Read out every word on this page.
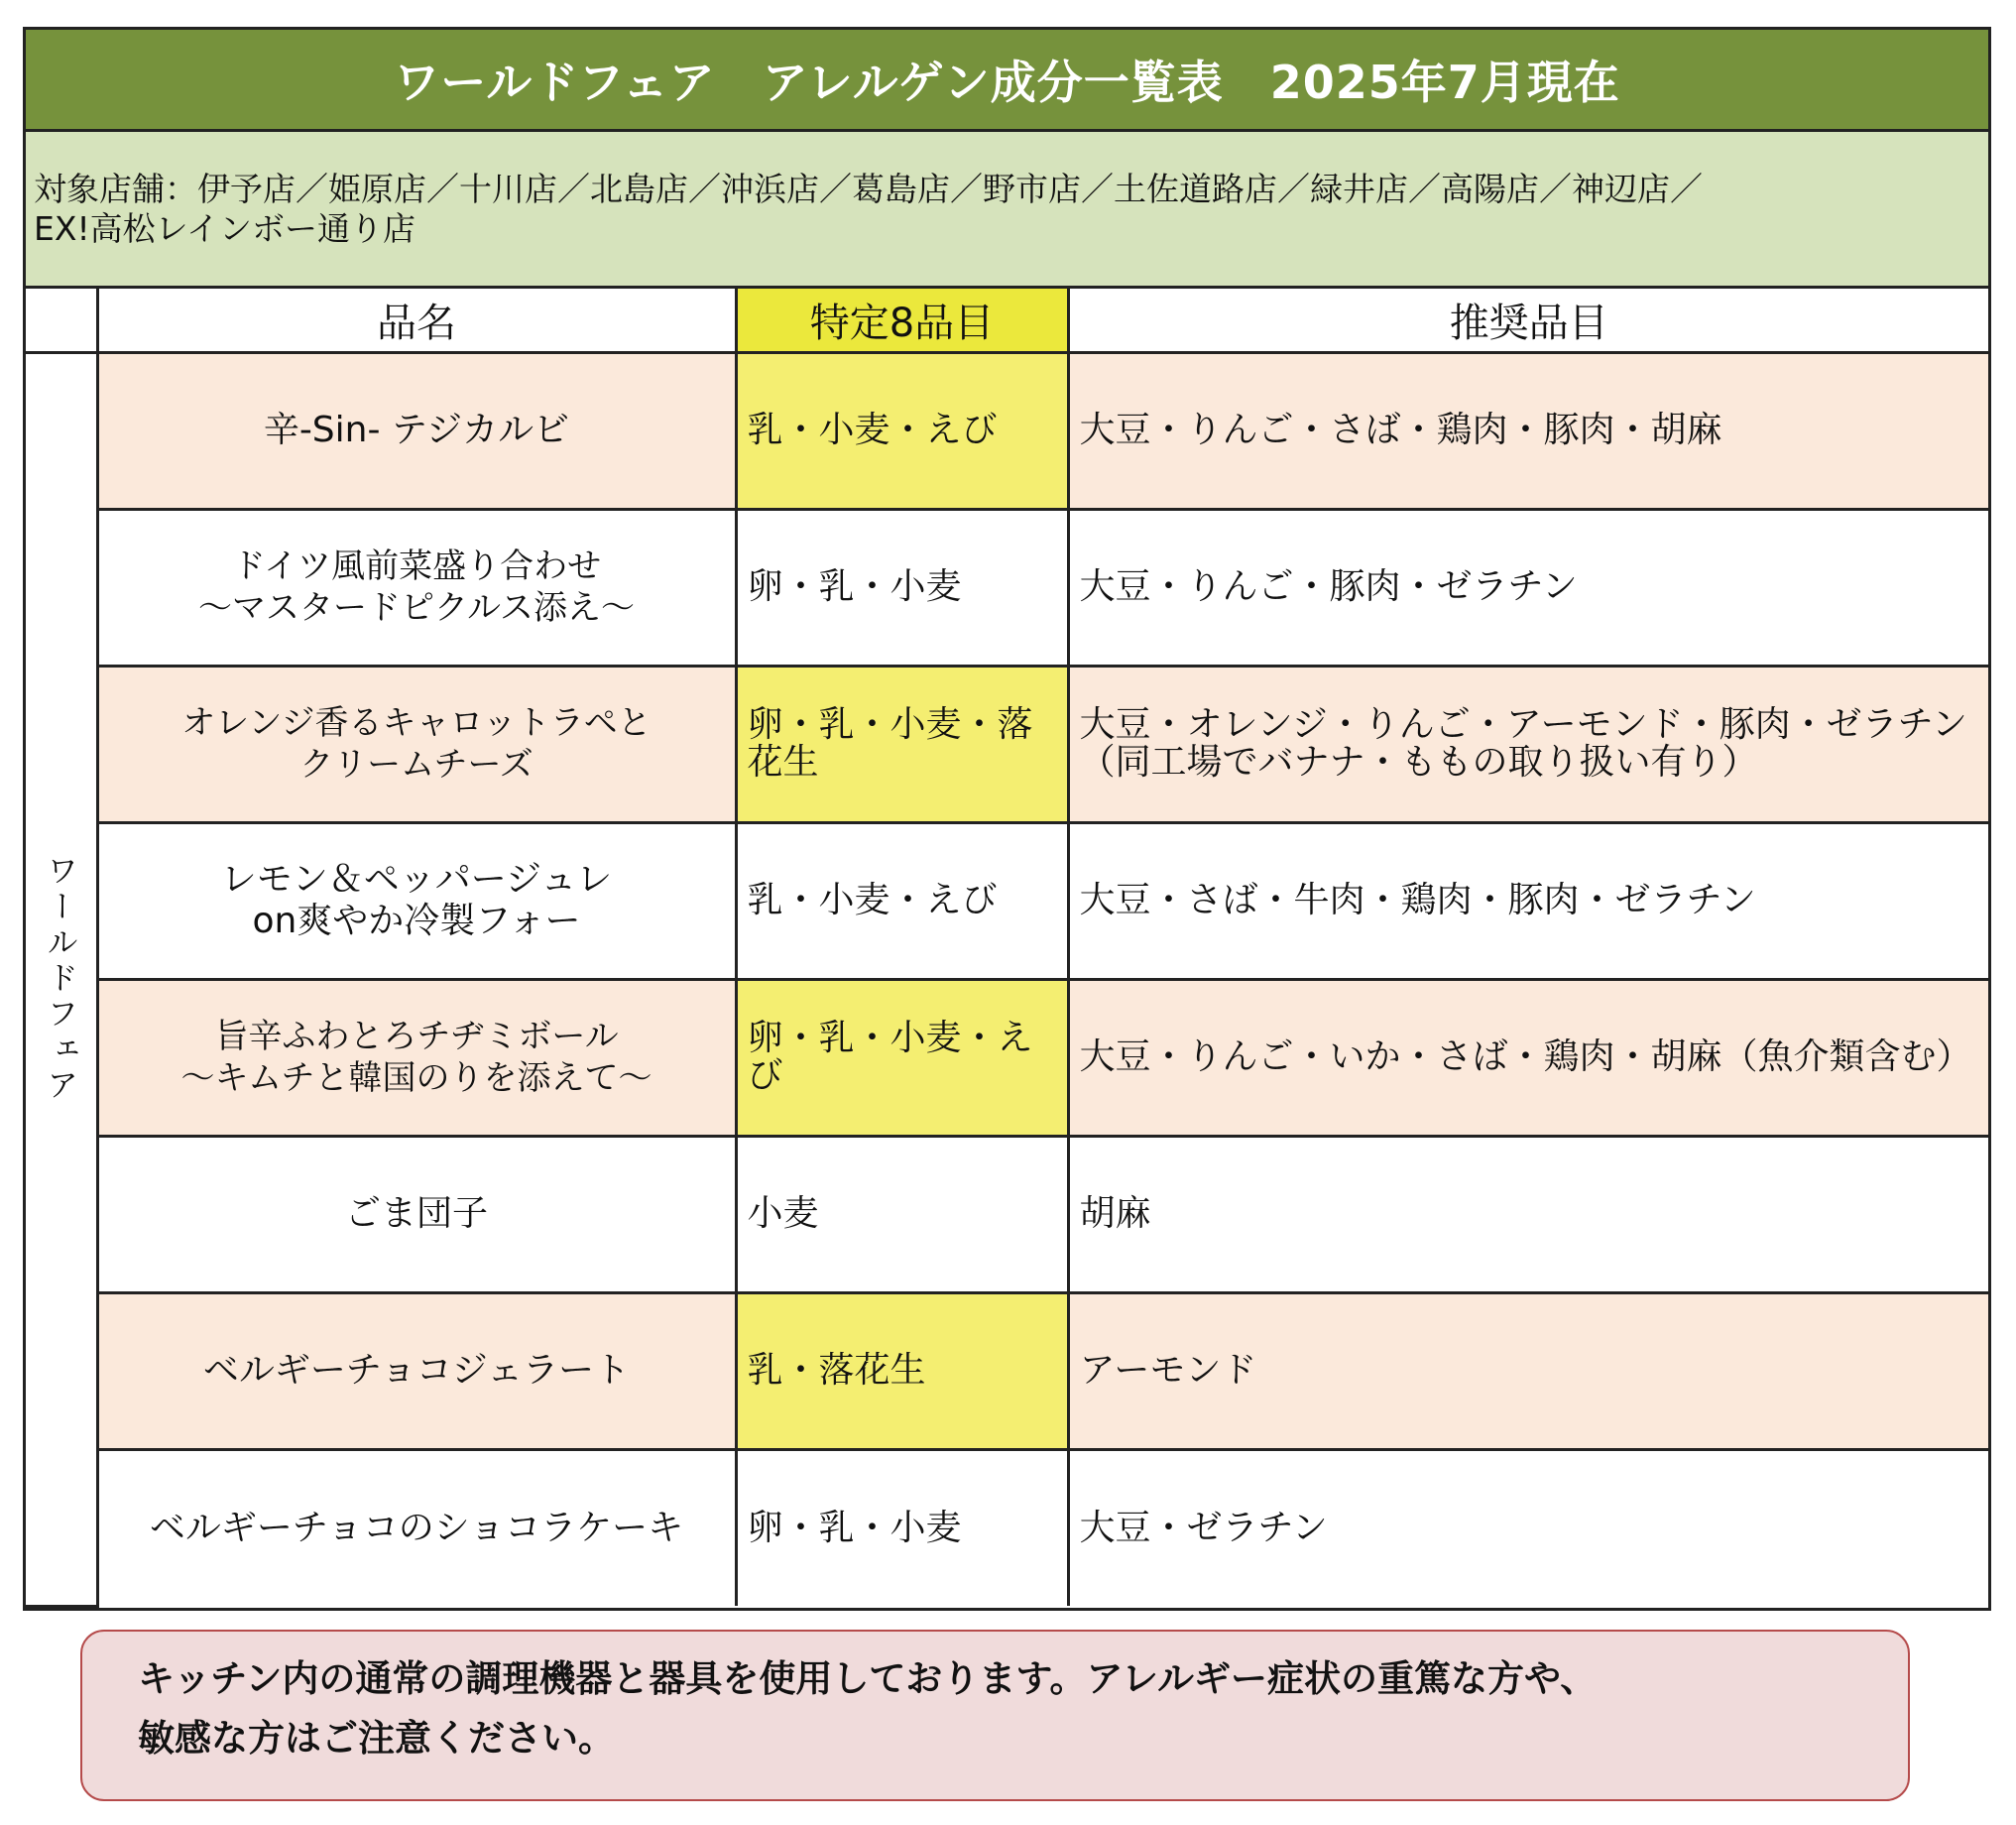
ワールドフェア　アレルゲン成分一覧表　2025年7月現在
対象店舗：伊予店／姫原店／十川店／北島店／沖浜店／葛島店／野市店／土佐道路店／緑井店／高陽店／神辺店／
EX!高松レインボー通り店
	品名	特定8品目	推奨品目
ワールドフェア	辛-Sin- テジカルビ	乳・小麦・えび	大豆・りんご・さば・鶏肉・豚肉・胡麻

	ドイツ風前菜盛り合わせ
～マスタードピクルス添え～	卵・乳・小麦	大豆・りんご・豚肉・ゼラチン

	オレンジ香るキャロットラペと
クリームチーズ	卵・乳・小麦・落花生	大豆・オレンジ・りんご・アーモンド・豚肉・ゼラチン
（同工場でバナナ・ももの取り扱い有り）

	レモン＆ペッパージュレ
on爽やか冷製フォー	乳・小麦・えび	大豆・さば・牛肉・鶏肉・豚肉・ゼラチン

	旨辛ふわとろチヂミボール
～キムチと韓国のりを添えて～	卵・乳・小麦・えび	大豆・りんご・いか・さば・鶏肉・胡麻（魚介類含む）

	ごま団子	小麦	胡麻

	ベルギーチョコジェラート	乳・落花生	アーモンド

	ベルギーチョコのショコラケーキ	卵・乳・小麦	大豆・ゼラチン
キッチン内の通常の調理機器と器具を使用しております。アレルギー症状の重篤な方や、
敏感な方はご注意ください。
